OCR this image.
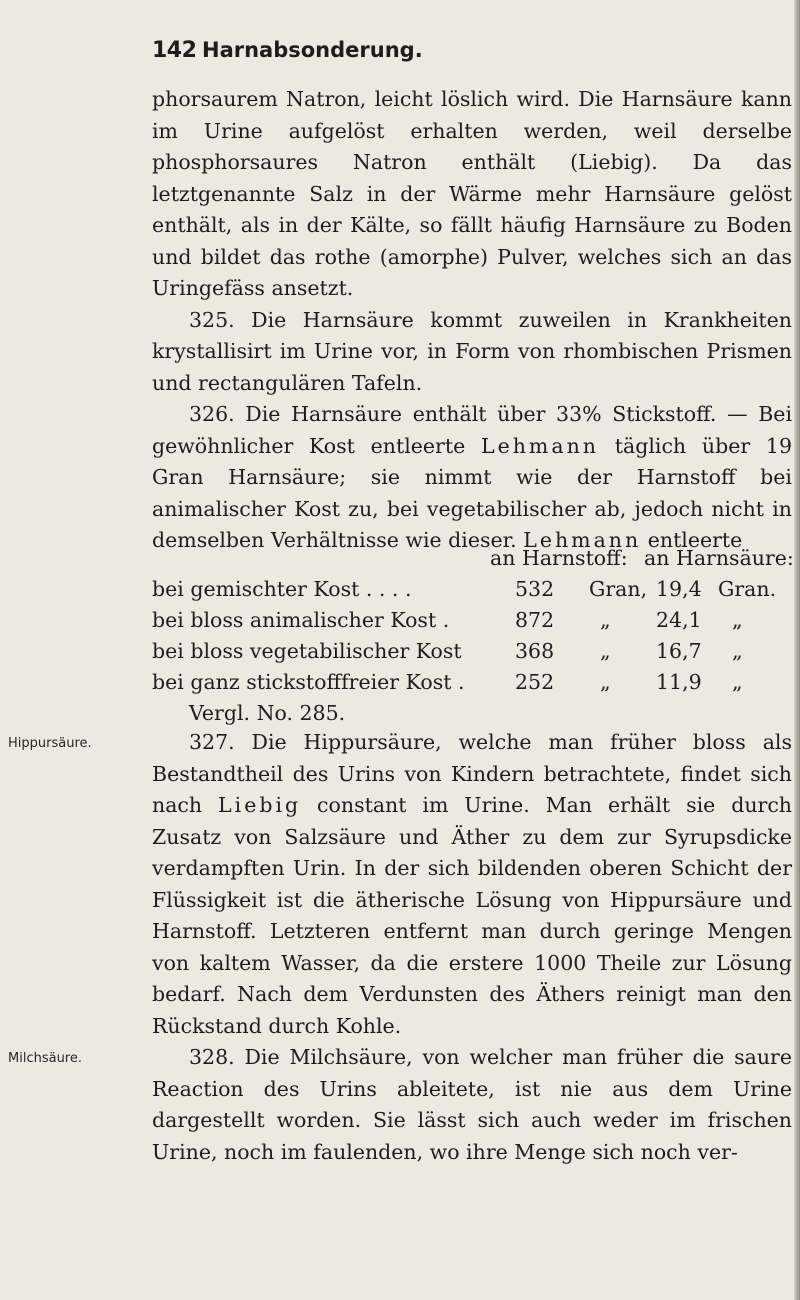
142 Harnabsonderung.

phorsaurem Natron, leicht löslich wird. Die Harnsäure kann im Urine aufgelöst erhalten werden, weil derselbe phosphorsaures Natron enthält (Liebig). Da das letztgenannte Salz in der Wärme mehr Harnsäure gelöst enthält, als in der Kälte, so fällt häufig Harnsäure zu Boden und bildet das rothe (amorphe) Pulver, welches sich an das Uringefäss ansetzt.

325. Die Harnsäure kommt zuweilen in Krankheiten krystallisirt im Urine vor, in Form von rhombischen Prismen und rectangulären Tafeln.

326. Die Harnsäure enthält über 33% Stickstoff. — Bei gewöhnlicher Kost entleerte Lehmann täglich über 19 Gran Harnsäure; sie nimmt wie der Harnstoff bei animalischer Kost zu, bei vegetabilischer ab, jedoch nicht in demselben Verhältnisse wie dieser. Lehmann entleerte

an Harnstoff: an Harnsäure:
bei gemischter Kost . . . .	532 Gran, 19,4 Gran.
bei bloss animalischer Kost .	872 „ 24,1 „
bei bloss vegetabilischer Kost	368 „ 16,7 „
bei ganz stickstofffreier Kost . 252 „ 11,9 „
Vergl. No. 285.
Hippursäure.
Milchsäure.

327. Die Hippursäure, welche man früher bloss als Bestandtheil des Urins von Kindern betrachtete, findet sich nach Liebig constant im Urine. Man erhält sie durch Zusatz von Salzsäure und Äther zu dem zur Syrupsdicke verdampften Urin. In der sich bildenden oberen Schicht der Flüssigkeit ist die ätherische Lösung von Hippursäure und Harnstoff. Letzteren entfernt man durch geringe Mengen von kaltem Wasser, da die erstere 1000 Theile zur Lösung bedarf. Nach dem Verdunsten des Äthers reinigt man den Rückstand durch Kohle.

328. Die Milchsäure, von welcher man früher die saure Reaction des Urins ableitete, ist nie aus dem Urine dargestellt worden. Sie lässt sich auch weder im frischen Urine, noch im faulenden, wo ihre Menge sich noch ver-
